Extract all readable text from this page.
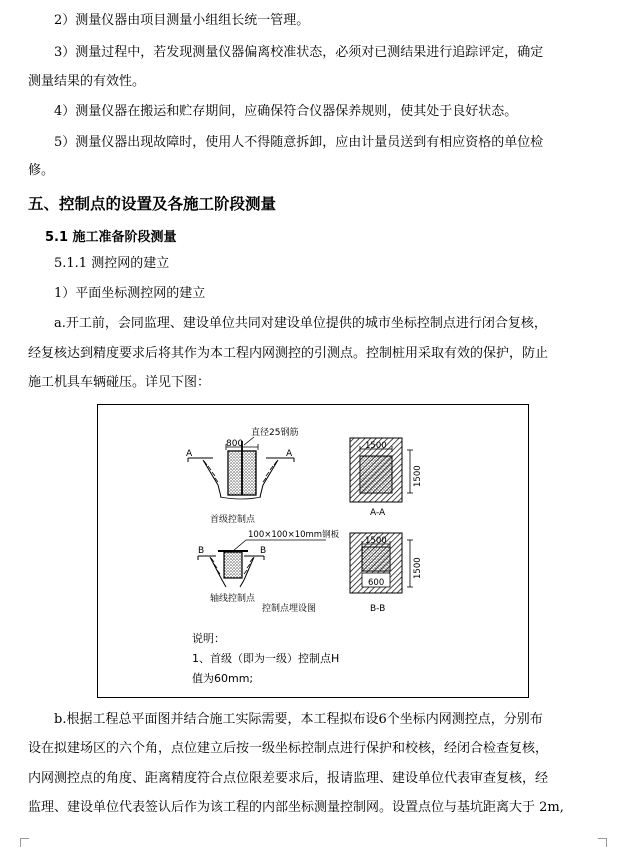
2）测量仪器由项目测量小组组长统一管理。
3）测量过程中，若发现测量仪器偏离校准状态，必须对已测结果进行追踪评定，确定
测量结果的有效性。
4）测量仪器在搬运和贮存期间，应确保符合仪器保养规则，使其处于良好状态。
5）测量仪器出现故障时，使用人不得随意拆卸，应由计量员送到有相应资格的单位检
修。
五、控制点的设置及各施工阶段测量
5.1 施工准备阶段测量
5.1.1 测控网的建立
1）平面坐标测控网的建立
a.开工前，会同监理、建设单位共同对建设单位提供的城市坐标控制点进行闭合复核，
经复核达到精度要求后将其作为本工程内网测控的引测点。控制桩用采取有效的保护，防止
施工机具车辆碰压。详见下图：
直径25钢筋
800
A	A
首级控制点
100×100×10mm钢板
B	B
轴线控制点
控制点埋设图
1500
1500
A-A
1500
1500
600
B-B
说明：
1、首级（即为一级）控制点H
值为60mm;
b.根据工程总平面图并结合施工实际需要，本工程拟布设6个坐标内网测控点，分别布
设在拟建场区的六个角，点位建立后按一级坐标控制点进行保护和校核，经闭合检查复核，
内网测控点的角度、距离精度符合点位限差要求后，报请监理、建设单位代表审查复核，经
监理、建设单位代表签认后作为该工程的内部坐标测量控制网。设置点位与基坑距离大于 2m,
